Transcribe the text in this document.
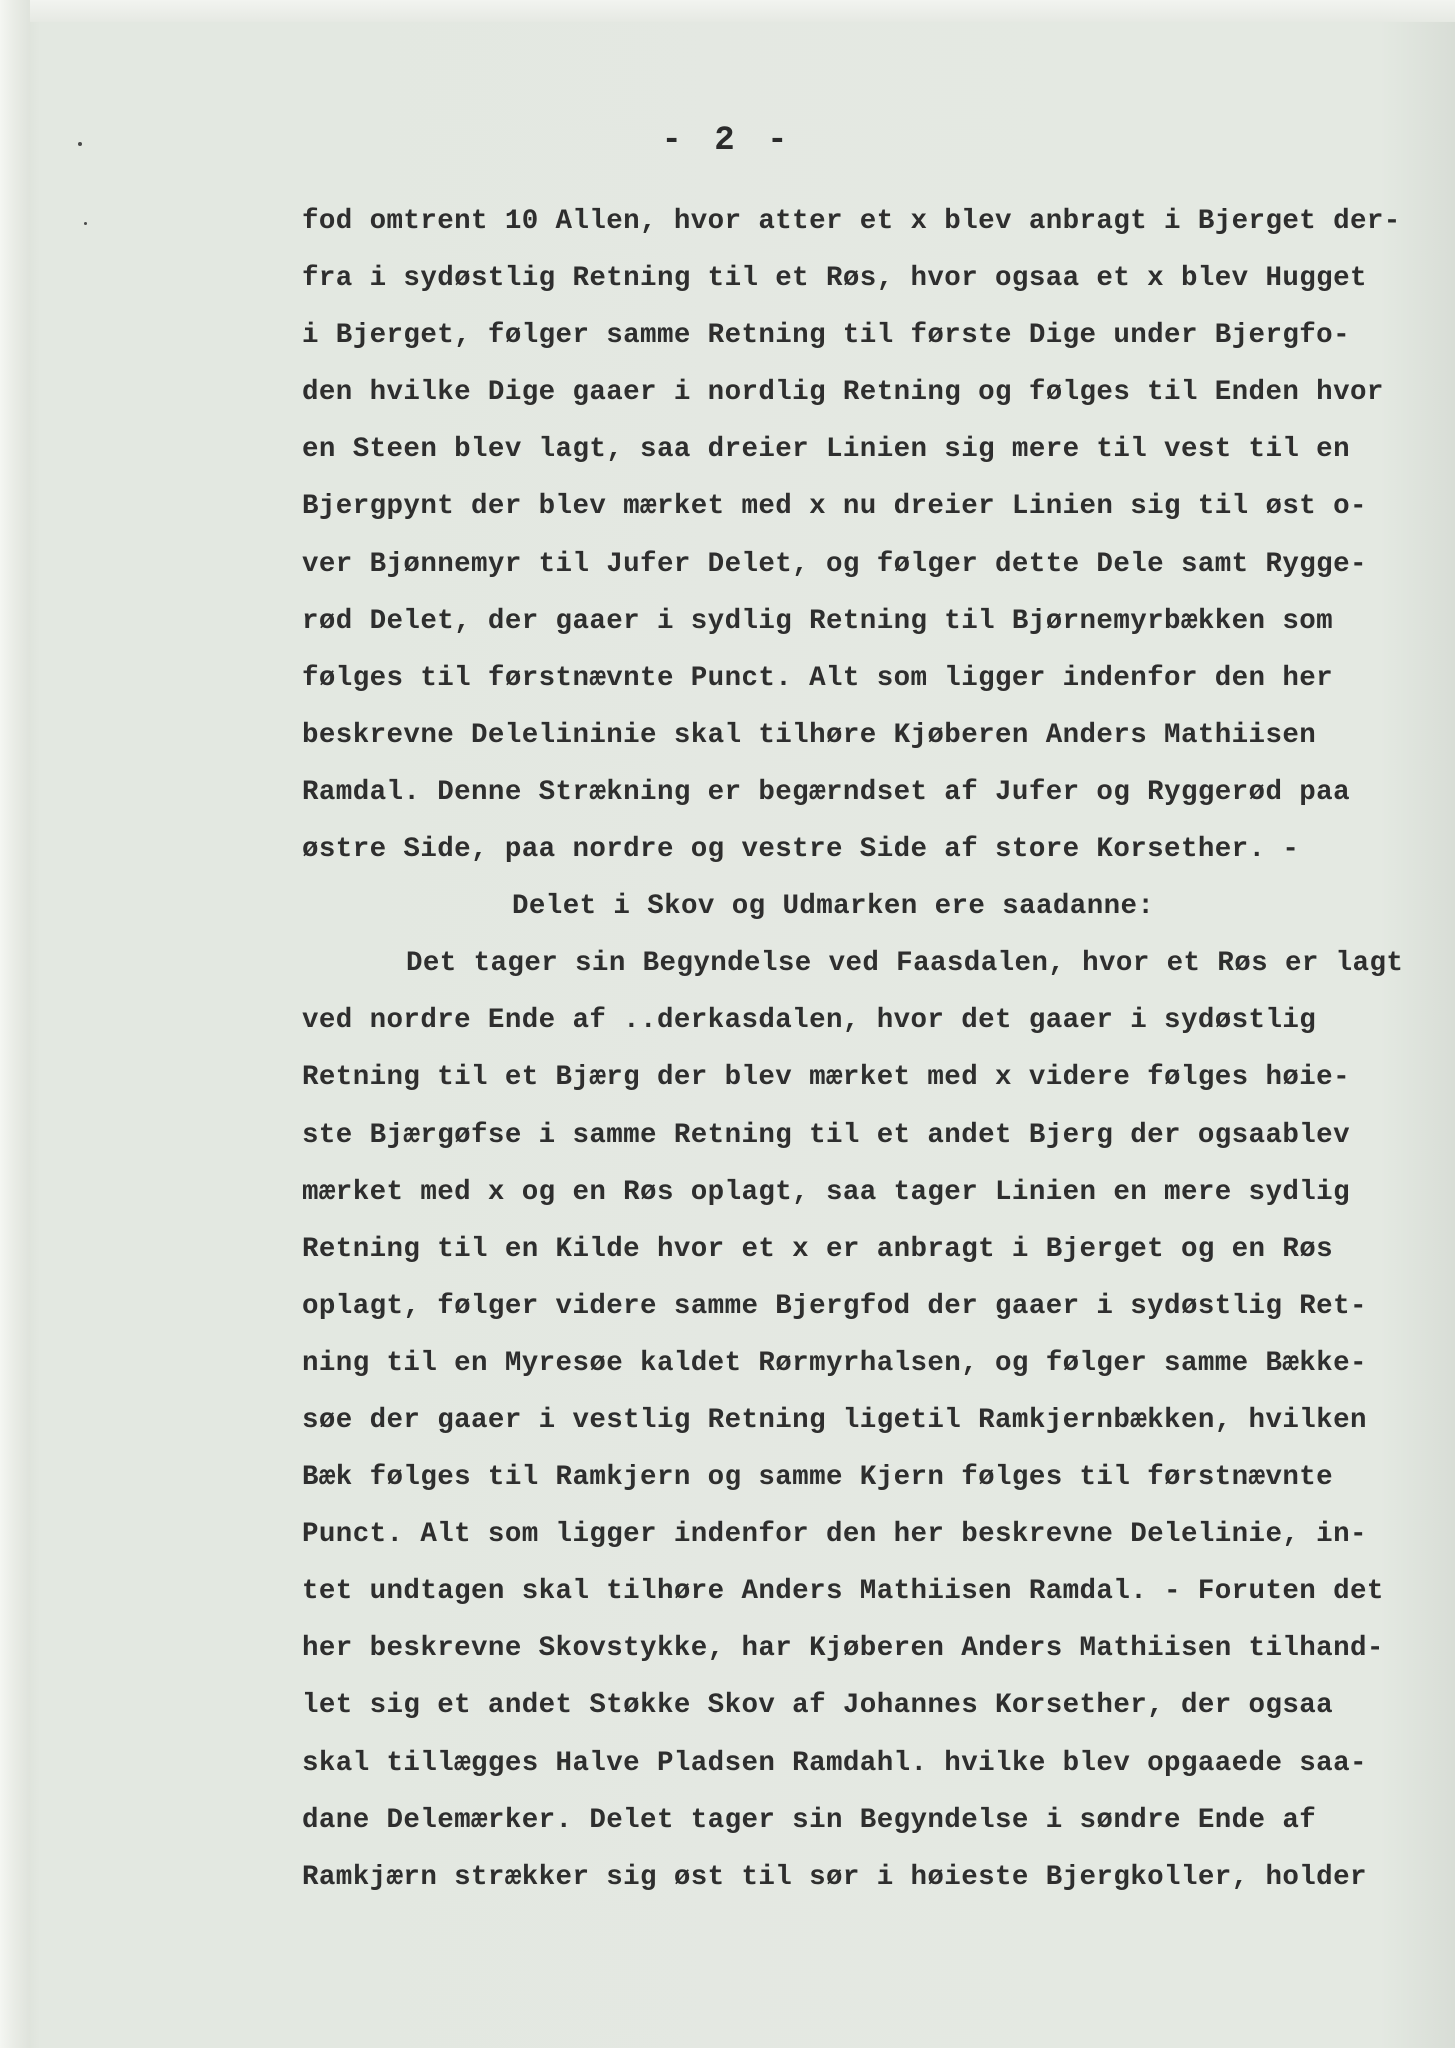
- 2 -
fod omtrent 10 Allen, hvor atter et x blev anbragt i Bjerget der-
fra i sydøstlig Retning til et Røs, hvor ogsaa et x blev Hugget
i Bjerget, følger samme Retning til første Dige under Bjergfo-
den hvilke Dige gaaer i nordlig Retning og følges til Enden hvor
en Steen blev lagt, saa dreier Linien sig mere til vest til en
Bjergpynt der blev mærket med x nu dreier Linien sig til øst o-
ver Bjønnemyr til Jufer Delet, og følger dette Dele samt Rygge-
rød Delet, der gaaer i sydlig Retning til Bjørnemyrbækken som
følges til førstnævnte Punct. Alt som ligger indenfor den her
beskrevne Delelininie skal tilhøre Kjøberen Anders Mathiisen
Ramdal. Denne Strækning er begærndset af Jufer og Ryggerød paa
østre Side, paa nordre og vestre Side af store Korsether. -
Delet i Skov og Udmarken ere saadanne:
Det tager sin Begyndelse ved Faasdalen, hvor et Røs er lagt
ved nordre Ende af ..derkasdalen, hvor det gaaer i sydøstlig
Retning til et Bjærg der blev mærket med x videre følges høie-
ste Bjærgøfse i samme Retning til et andet Bjerg der ogsaablev
mærket med x og en Røs oplagt, saa tager Linien en mere sydlig
Retning til en Kilde hvor et x er anbragt i Bjerget og en Røs
oplagt, følger videre samme Bjergfod der gaaer i sydøstlig Ret-
ning til en Myresøe kaldet Rørmyrhalsen, og følger samme Bække-
søe der gaaer i vestlig Retning ligetil Ramkjernbækken, hvilken
Bæk følges til Ramkjern og samme Kjern følges til førstnævnte
Punct. Alt som ligger indenfor den her beskrevne Delelinie, in-
tet undtagen skal tilhøre Anders Mathiisen Ramdal. - Foruten det
her beskrevne Skovstykke, har Kjøberen Anders Mathiisen tilhand-
let sig et andet Støkke Skov af Johannes Korsether, der ogsaa
skal tillægges Halve Pladsen Ramdahl. hvilke blev opgaaede saa-
dane Delemærker. Delet tager sin Begyndelse i søndre Ende af
Ramkjærn strækker sig øst til sør i høieste Bjergkoller, holder
